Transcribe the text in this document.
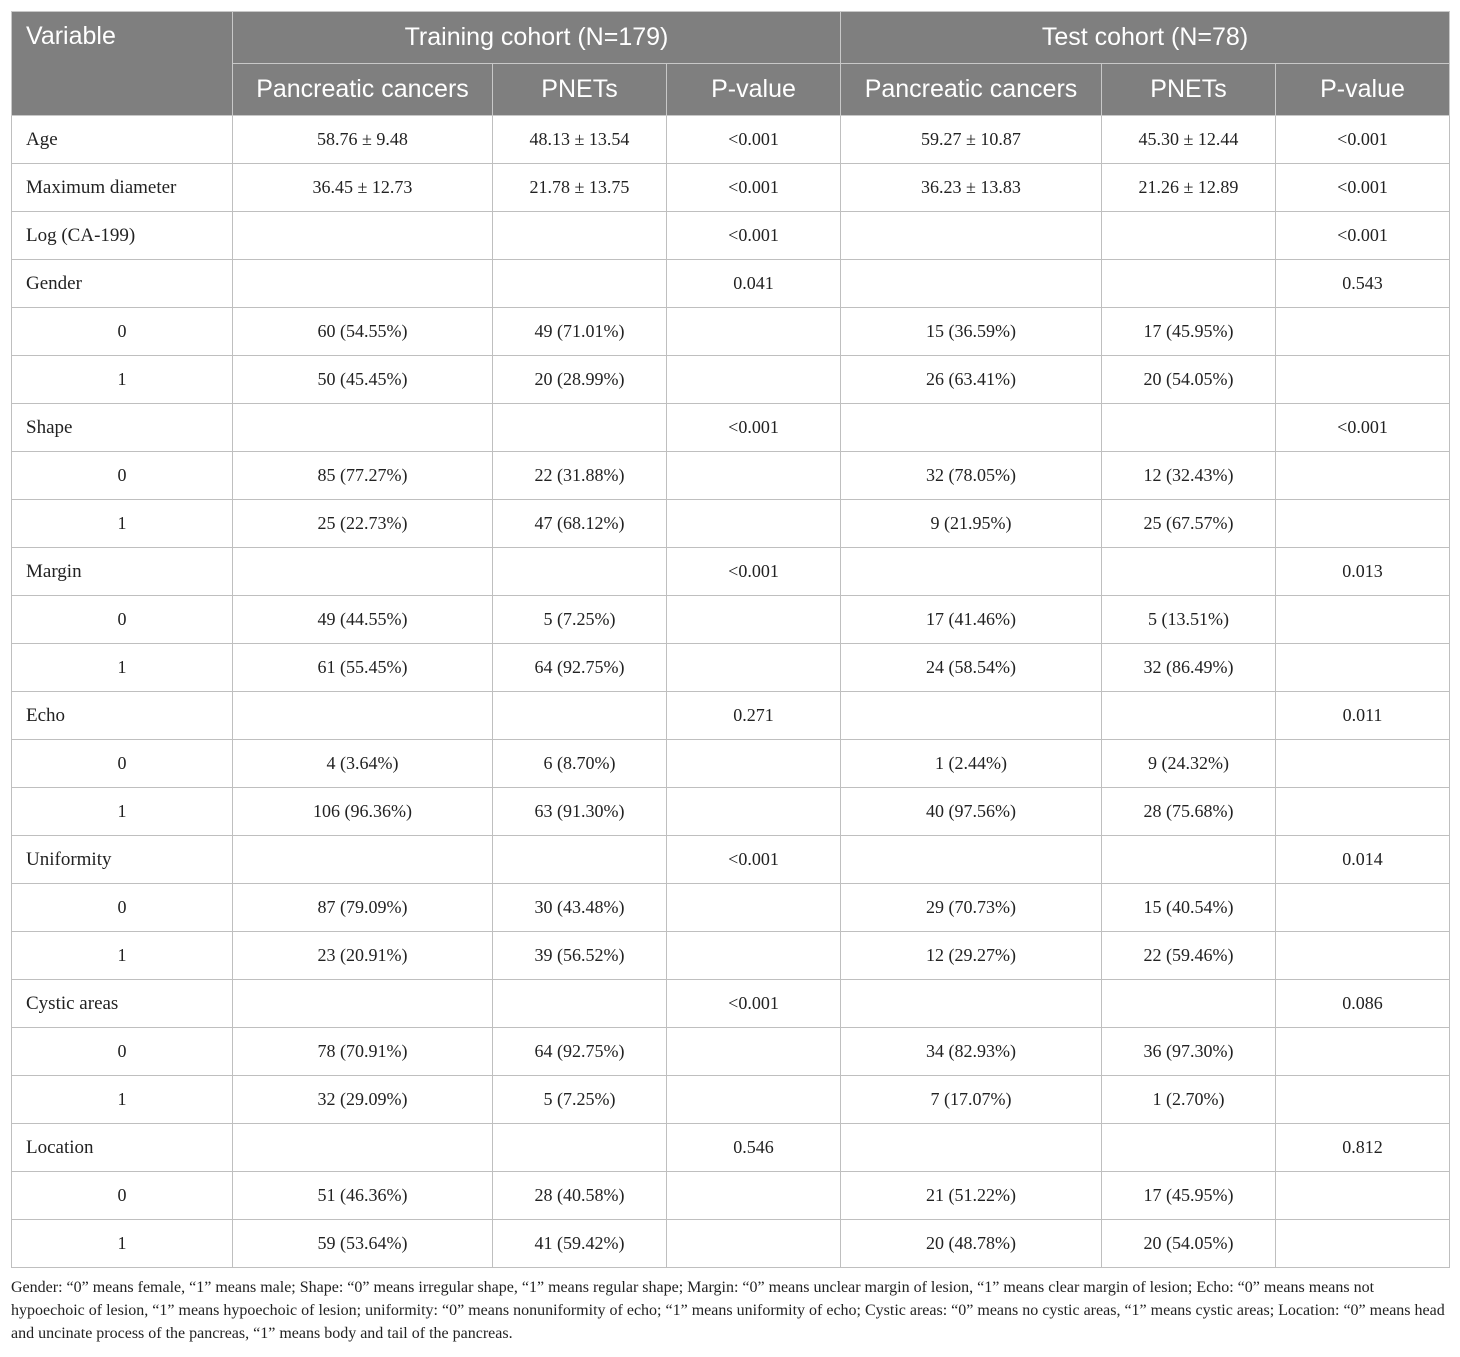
Variable	Training cohort (N=179)			Test cohort (N=78)		
	Pancreatic cancers	PNETs	P-value	Pancreatic cancers	PNETs	P-value
Age	58.76 ± 9.48	48.13 ± 13.54	<0.001	59.27 ± 10.87	45.30 ± 12.44	<0.001
Maximum diameter	36.45 ± 12.73	21.78 ± 13.75	<0.001	36.23 ± 13.83	21.26 ± 12.89	<0.001
Log (CA-199)			<0.001			<0.001
Gender			0.041			0.543
0	60 (54.55%)	49 (71.01%)		15 (36.59%)	17 (45.95%)	
1	50 (45.45%)	20 (28.99%)		26 (63.41%)	20 (54.05%)	
Shape			<0.001			<0.001
0	85 (77.27%)	22 (31.88%)		32 (78.05%)	12 (32.43%)	
1	25 (22.73%)	47 (68.12%)		9 (21.95%)	25 (67.57%)	
Margin			<0.001			0.013
0	49 (44.55%)	5 (7.25%)		17 (41.46%)	5 (13.51%)	
1	61 (55.45%)	64 (92.75%)		24 (58.54%)	32 (86.49%)	
Echo			0.271			0.011
0	4 (3.64%)	6 (8.70%)		1 (2.44%)	9 (24.32%)	
1	106 (96.36%)	63 (91.30%)		40 (97.56%)	28 (75.68%)	
Uniformity			<0.001			0.014
0	87 (79.09%)	30 (43.48%)		29 (70.73%)	15 (40.54%)	
1	23 (20.91%)	39 (56.52%)		12 (29.27%)	22 (59.46%)	
Cystic areas			<0.001			0.086
0	78 (70.91%)	64 (92.75%)		34 (82.93%)	36 (97.30%)	
1	32 (29.09%)	5 (7.25%)		7 (17.07%)	1 (2.70%)	
Location			0.546			0.812
0	51 (46.36%)	28 (40.58%)		21 (51.22%)	17 (45.95%)	
1	59 (53.64%)	41 (59.42%)		20 (48.78%)	20 (54.05%)	
Gender: “0” means female, “1” means male; Shape: “0” means irregular shape, “1” means regular shape; Margin: “0” means unclear margin of lesion, “1” means clear margin of lesion; Echo: “0” means means not hypoechoic of lesion, “1” means hypoechoic of lesion; uniformity: “0” means nonuniformity of echo; “1” means uniformity of echo; Cystic areas: “0” means no cystic areas, “1” means cystic areas; Location: “0” means head and uncinate process of the pancreas, “1” means body and tail of the pancreas.
